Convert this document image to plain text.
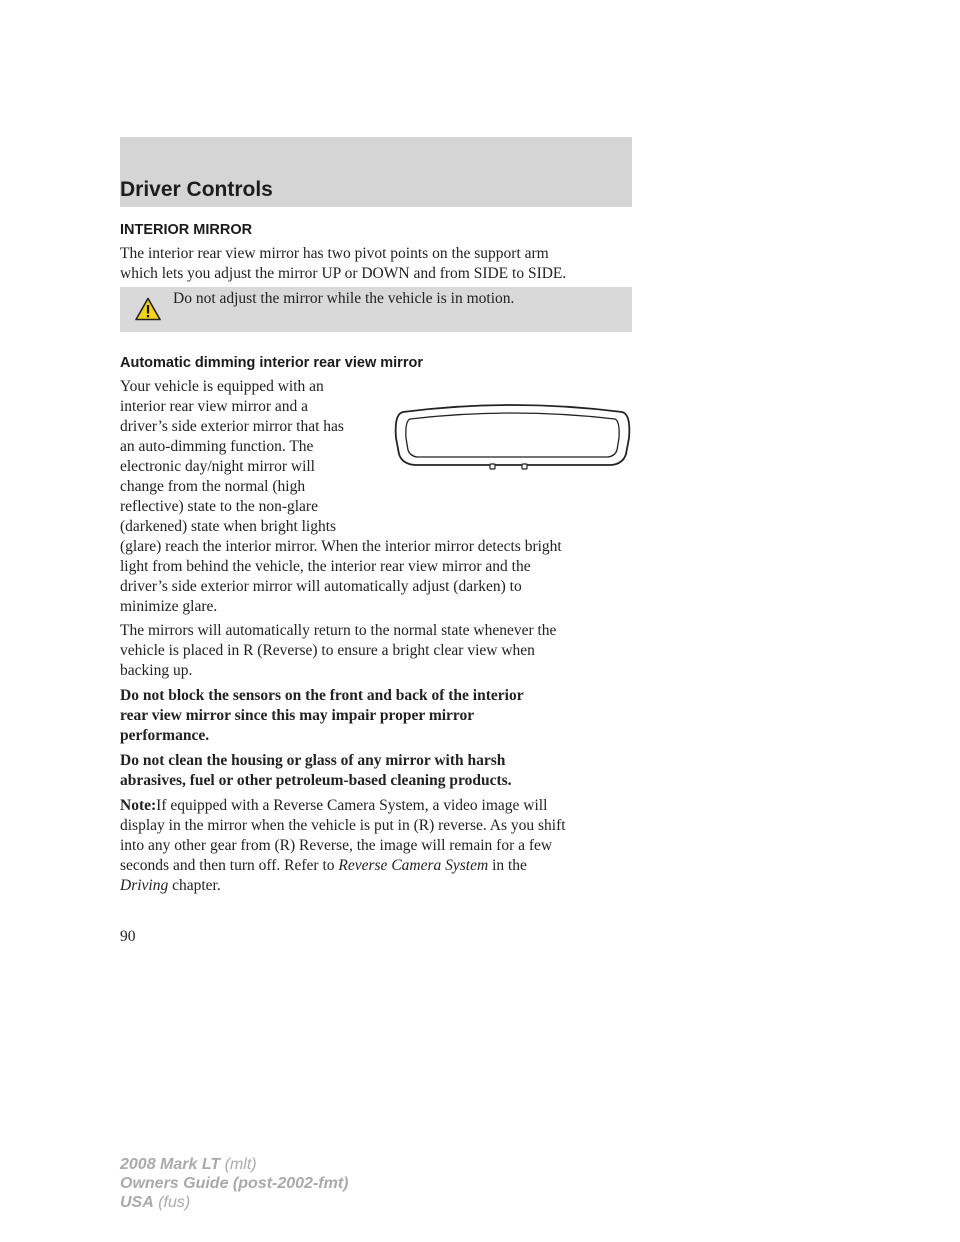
Driver Controls
INTERIOR MIRROR
The interior rear view mirror has two pivot points on the support arm
which lets you adjust the mirror UP or DOWN and from SIDE to SIDE.
Do not adjust the mirror while the vehicle is in motion.
Automatic dimming interior rear view mirror
Your vehicle is equipped with an
interior rear view mirror and a
driver’s side exterior mirror that has
an auto-dimming function. The
electronic day/night mirror will
change from the normal (high
reflective) state to the non-glare
(darkened) state when bright lights
(glare) reach the interior mirror. When the interior mirror detects bright
light from behind the vehicle, the interior rear view mirror and the
driver’s side exterior mirror will automatically adjust (darken) to
minimize glare.
The mirrors will automatically return to the normal state whenever the
vehicle is placed in R (Reverse) to ensure a bright clear view when
backing up.
Do not block the sensors on the front and back of the interior
rear view mirror since this may impair proper mirror
performance.
Do not clean the housing or glass of any mirror with harsh
abrasives, fuel or other petroleum-based cleaning products.
Note:If equipped with a Reverse Camera System, a video image will
display in the mirror when the vehicle is put in (R) reverse. As you shift
into any other gear from (R) Reverse, the image will remain for a few
seconds and then turn off. Refer to Reverse Camera System in the
Driving chapter.
90
2008 Mark LT (mlt)
Owners Guide (post-2002-fmt)
USA (fus)
